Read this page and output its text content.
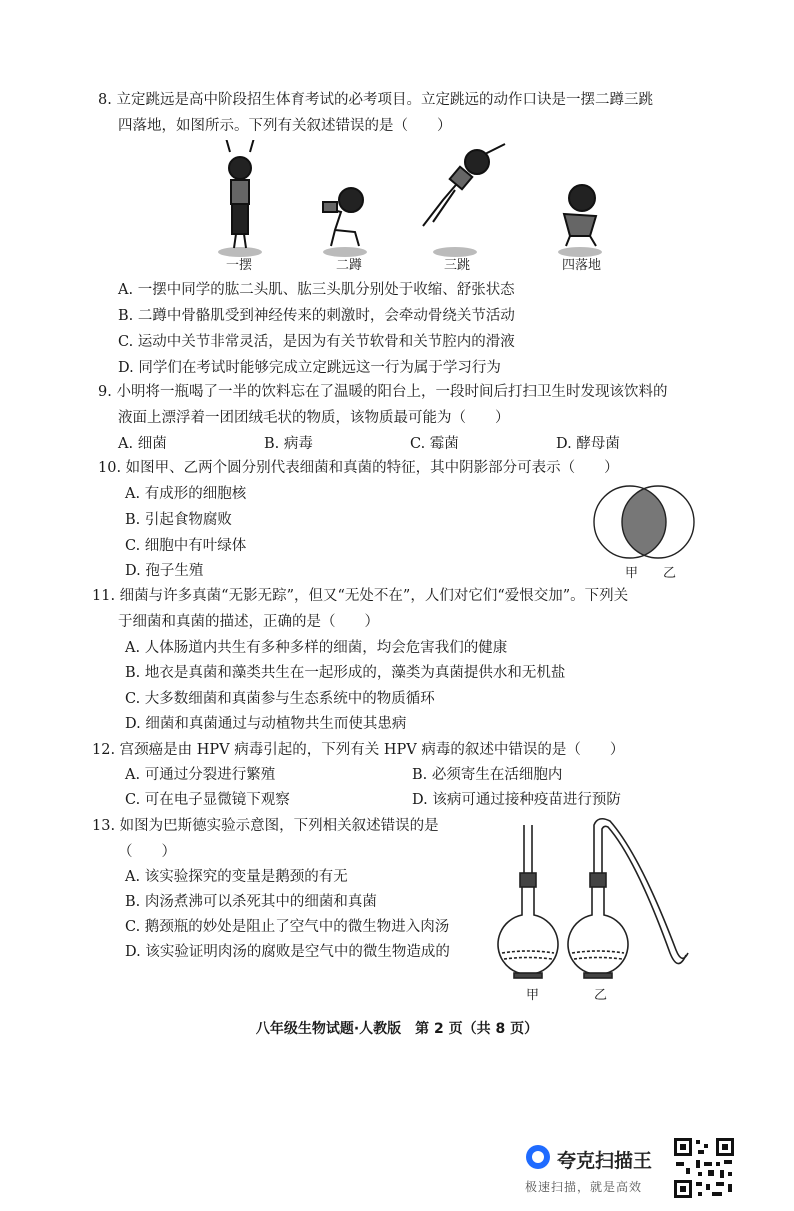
8. 立定跳远是高中阶段招生体育考试的必考项目。立定跳远的动作口诀是一摆二蹲三跳
四落地，如图所示。下列有关叙述错误的是（　　）
一摆	二蹲	三跳	四落地
A. 一摆中同学的肱二头肌、肱三头肌分别处于收缩、舒张状态
B. 二蹲中骨骼肌受到神经传来的刺激时，会牵动骨绕关节活动
C. 运动中关节非常灵活，是因为有关节软骨和关节腔内的滑液
D. 同学们在考试时能够完成立定跳远这一行为属于学习行为
9. 小明将一瓶喝了一半的饮料忘在了温暖的阳台上，一段时间后打扫卫生时发现该饮料的
液面上漂浮着一团团绒毛状的物质，该物质最可能为（　　）
A. 细菌	B. 病毒	C. 霉菌	D. 酵母菌
10. 如图甲、乙两个圆分别代表细菌和真菌的特征，其中阴影部分可表示（　　）
A. 有成形的细胞核
B. 引起食物腐败
C. 细胞中有叶绿体
D. 孢子生殖	甲 乙
11. 细菌与许多真菌“无影无踪”，但又“无处不在”，人们对它们“爱恨交加”。下列关
于细菌和真菌的描述，正确的是（　　）
A. 人体肠道内共生有多种多样的细菌，均会危害我们的健康
B. 地衣是真菌和藻类共生在一起形成的，藻类为真菌提供水和无机盐
C. 大多数细菌和真菌参与生态系统中的物质循环
D. 细菌和真菌通过与动植物共生而使其患病
12. 宫颈癌是由 HPV 病毒引起的，下列有关 HPV 病毒的叙述中错误的是（　　）
A. 可通过分裂进行繁殖	B. 必须寄生在活细胞内
C. 可在电子显微镜下观察	D. 该病可通过接种疫苗进行预防
13. 如图为巴斯德实验示意图，下列相关叙述错误的是
（　　）
A. 该实验探究的变量是鹅颈的有无
B. 肉汤煮沸可以杀死其中的细菌和真菌
C. 鹅颈瓶的妙处是阻止了空气中的微生物进入肉汤
D. 该实验证明肉汤的腐败是空气中的微生物造成的
甲	乙
八年级生物试题·人教版　第 2 页（共 8 页）
夸克扫描王
极速扫描，就是高效
